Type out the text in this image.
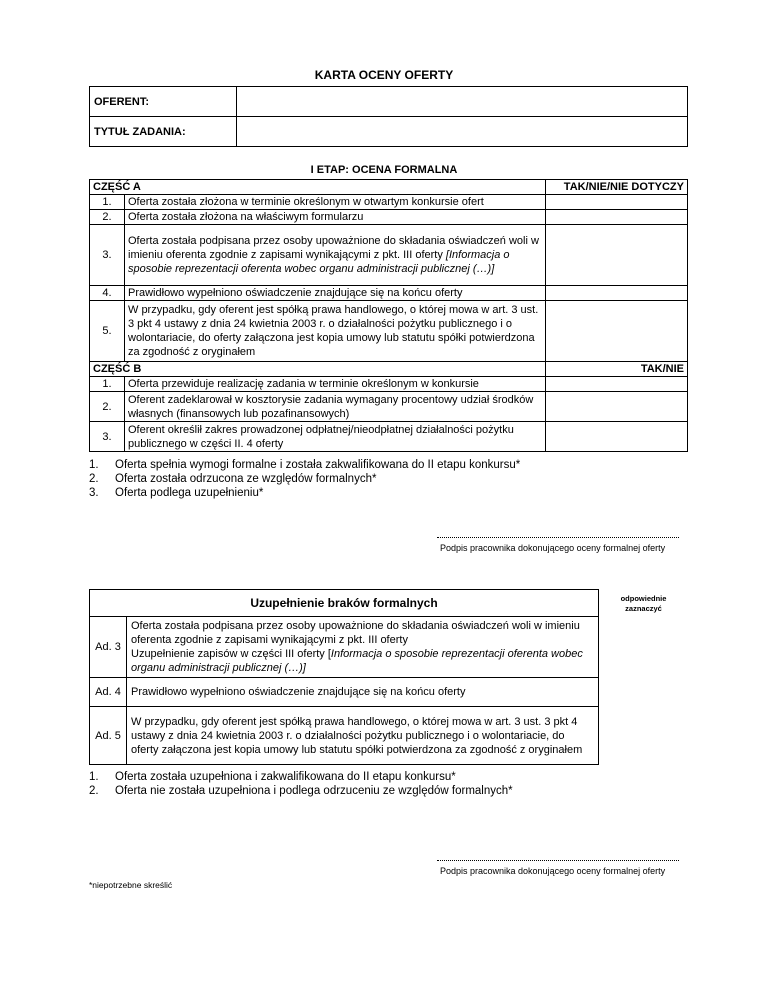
KARTA OCENY OFERTY
OFERENT:	
TYTUŁ ZADANIA:	
I ETAP: OCENA FORMALNA
CZĘŚĆ A		TAK/NIE/NIE DOTYCZY
1.	Oferta została złożona w terminie określonym w otwartym konkursie ofert	
2.	Oferta została złożona na właściwym formularzu	
3.	Oferta została podpisana przez osoby upoważnione do składania oświadczeń woli w imieniu oferenta zgodnie z zapisami wynikającymi z pkt. III oferty [Informacja o sposobie reprezentacji oferenta wobec organu administracji publicznej (…)]	
4.	Prawidłowo wypełniono oświadczenie znajdujące się na końcu oferty	
5.	W przypadku, gdy oferent jest spółką prawa handlowego, o której mowa w art. 3 ust. 3 pkt 4 ustawy z dnia 24 kwietnia 2003 r. o działalności pożytku publicznego i o wolontariacie, do oferty załączona jest kopia umowy lub statutu spółki potwierdzona za zgodność z oryginałem	
CZĘŚĆ B		TAK/NIE
1.	Oferta przewiduje realizację zadania w terminie określonym w konkursie	
2.	Oferent zadeklarował w kosztorysie zadania wymagany procentowy udział środków własnych (finansowych lub pozafinansowych)	
3.	Oferent określił zakres prowadzonej odpłatnej/nieodpłatnej działalności pożytku publicznego w części II. 4 oferty	
1.	Oferta spełnia wymogi formalne i została zakwalifikowana do II etapu konkursu*
2.	Oferta została odrzucona ze względów formalnych*
3.	Oferta podlega uzupełnieniu*
Podpis pracownika dokonującego oceny formalnej oferty
Uzupełnienie braków formalnych	
Ad. 3	Oferta została podpisana przez osoby upoważnione do składania oświadczeń woli w imieniu oferenta zgodnie z zapisami wynikającymi z pkt. III oferty
Uzupełnienie zapisów w części III oferty [Informacja o sposobie reprezentacji oferenta wobec organu administracji publicznej (…)]

Ad. 4	Prawidłowo wypełniono oświadczenie znajdujące się na końcu oferty
Ad. 5	W przypadku, gdy oferent jest spółką prawa handlowego, o której mowa w art. 3 ust. 3 pkt 4 ustawy z dnia 24 kwietnia 2003 r. o działalności pożytku publicznego i o wolontariacie, do oferty załączona jest kopia umowy lub statutu spółki potwierdzona za zgodność z oryginałem
odpowiednie zaznaczyć
1.	Oferta została uzupełniona i zakwalifikowana do II etapu konkursu*
2.	Oferta nie została uzupełniona i podlega odrzuceniu ze względów formalnych*
Podpis pracownika dokonującego oceny formalnej oferty
*niepotrzebne skreślić
